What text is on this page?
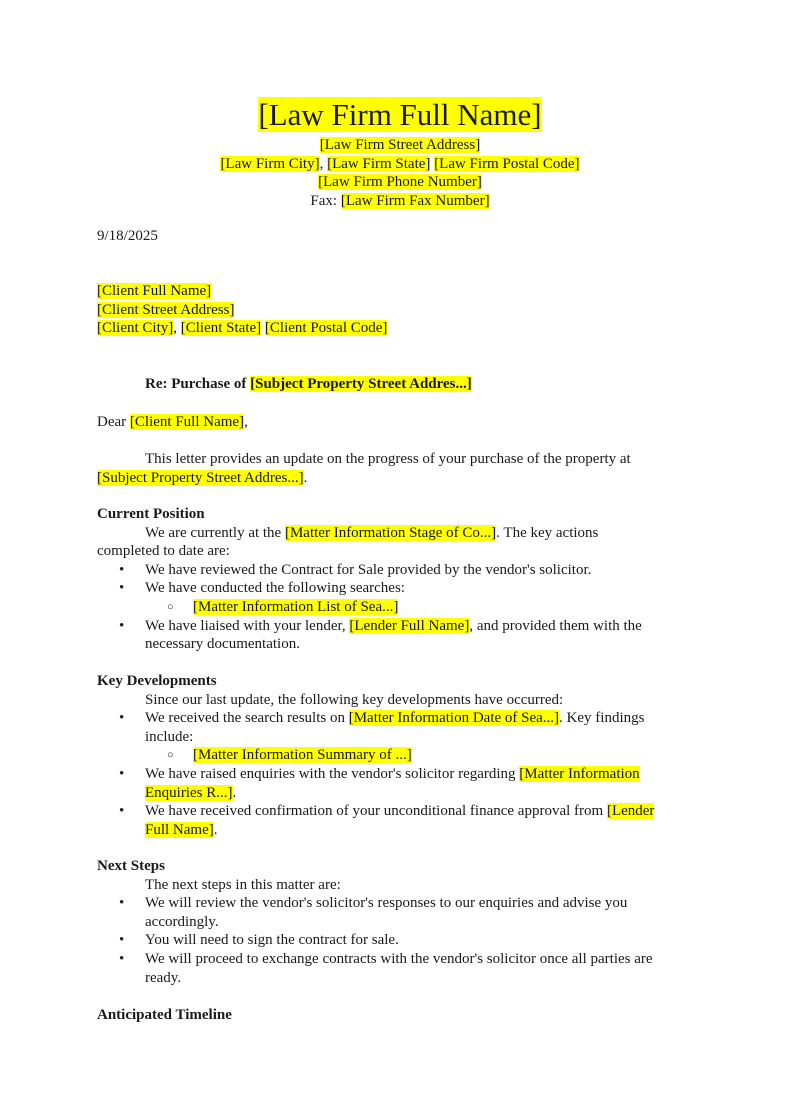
[Law Firm Full Name]
[Law Firm Street Address]
[Law Firm City], [Law Firm State] [Law Firm Postal Code]
[Law Firm Phone Number]
Fax: [Law Firm Fax Number]
9/18/2025
[Client Full Name]
[Client Street Address]
[Client City], [Client State] [Client Postal Code]
Re: Purchase of [Subject Property Street Addres...]
Dear [Client Full Name],
This letter provides an update on the progress of your purchase of the property at
[Subject Property Street Addres...].
Current Position
We are currently at the [Matter Information Stage of Co...]. The key actions
completed to date are:
• We have reviewed the Contract for Sale provided by the vendor's solicitor.
• We have conducted the following searches:
○ [Matter Information List of Sea...]
• We have liaised with your lender, [Lender Full Name], and provided them with the
necessary documentation.
Key Developments
Since our last update, the following key developments have occurred:
• We received the search results on [Matter Information Date of Sea...]. Key findings
include:
○ [Matter Information Summary of ...]
• We have raised enquiries with the vendor's solicitor regarding [Matter Information
Enquiries R...].
• We have received confirmation of your unconditional finance approval from [Lender
Full Name].
Next Steps
The next steps in this matter are:
• We will review the vendor's solicitor's responses to our enquiries and advise you
accordingly.
• You will need to sign the contract for sale.
• We will proceed to exchange contracts with the vendor's solicitor once all parties are
ready.
Anticipated Timeline
